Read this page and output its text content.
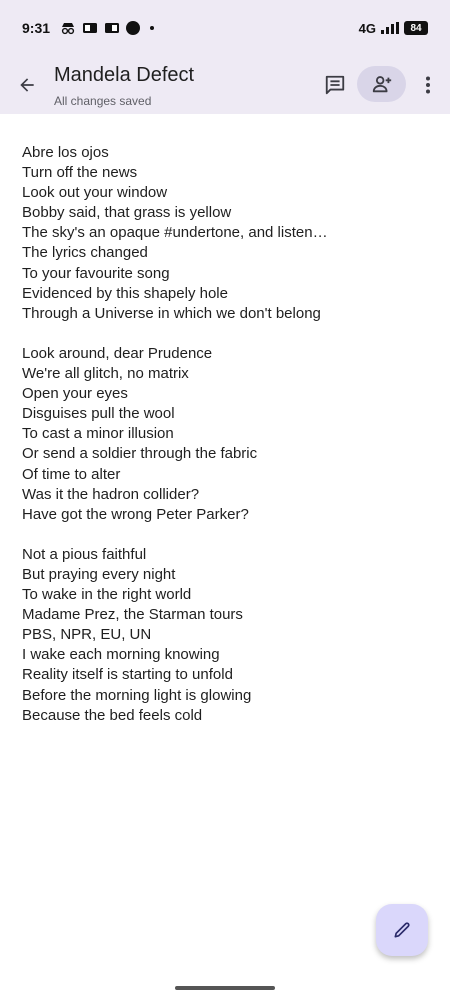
9:31	4G	84
Mandela Defect
All changes saved
Abre los ojos
Turn off the news
Look out your window
Bobby said, that grass is yellow
The sky's an opaque #undertone, and listen…
The lyrics changed
To your favourite song
Evidenced by this shapely hole
Through a Universe in which we don't belong
Look around, dear Prudence
We're all glitch, no matrix
Open your eyes
Disguises pull the wool
To cast a minor illusion
Or send a soldier through the fabric
Of time to alter
Was it the hadron collider?
Have got the wrong Peter Parker?
Not a pious faithful
But praying every night
To wake in the right world
Madame Prez, the Starman tours
PBS, NPR, EU, UN
I wake each morning knowing
Reality itself is starting to unfold
Before the morning light is glowing
Because the bed feels cold
